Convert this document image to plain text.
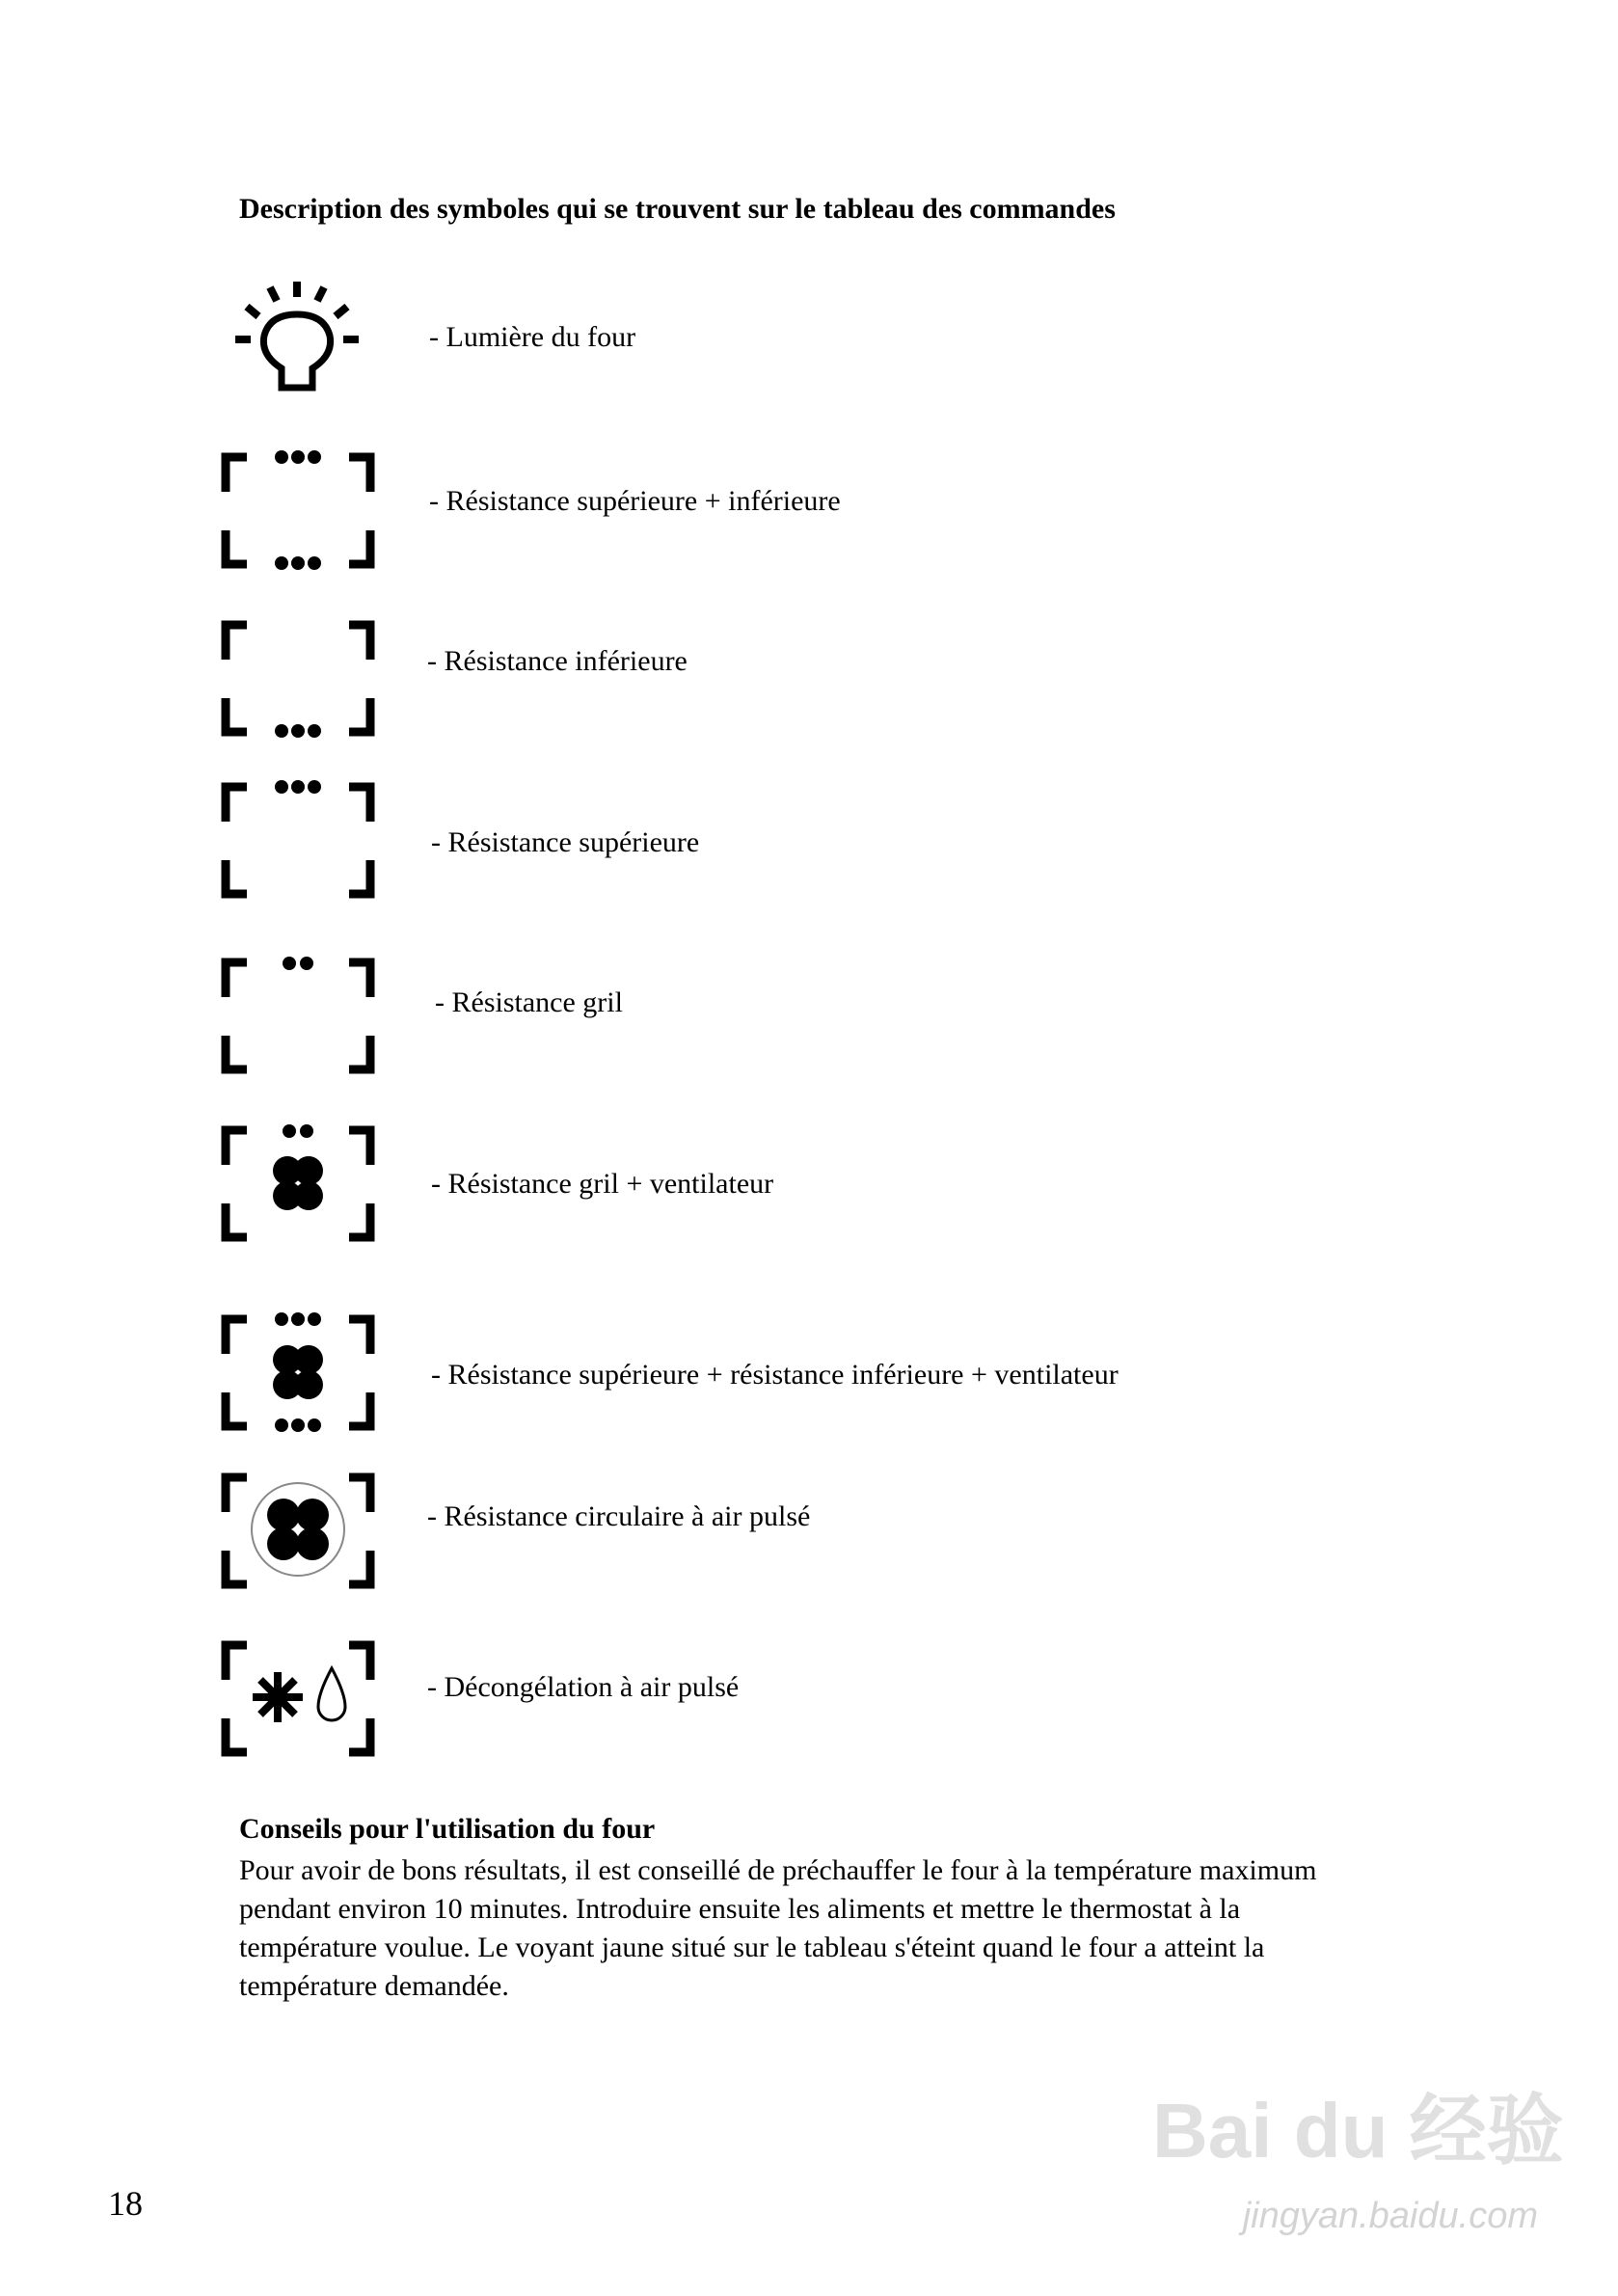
Description des symboles qui se trouvent sur le tableau des commandes
- Lumière du four
- Résistance supérieure + inférieure
- Résistance inférieure
- Résistance supérieure
- Résistance gril
- Résistance gril + ventilateur
- Résistance supérieure + résistance inférieure + ventilateur
- Résistance circulaire à air pulsé
- Décongélation à air pulsé
Conseils pour l'utilisation du four
Pour avoir de bons résultats, il est conseillé de préchauffer le four à la température maximum
pendant environ 10 minutes. Introduire ensuite les aliments et mettre le thermostat à la
température voulue. Le voyant jaune situé sur le tableau s'éteint quand le four a atteint la
température demandée.
18
Bai du 经验
jingyan.baidu.com
